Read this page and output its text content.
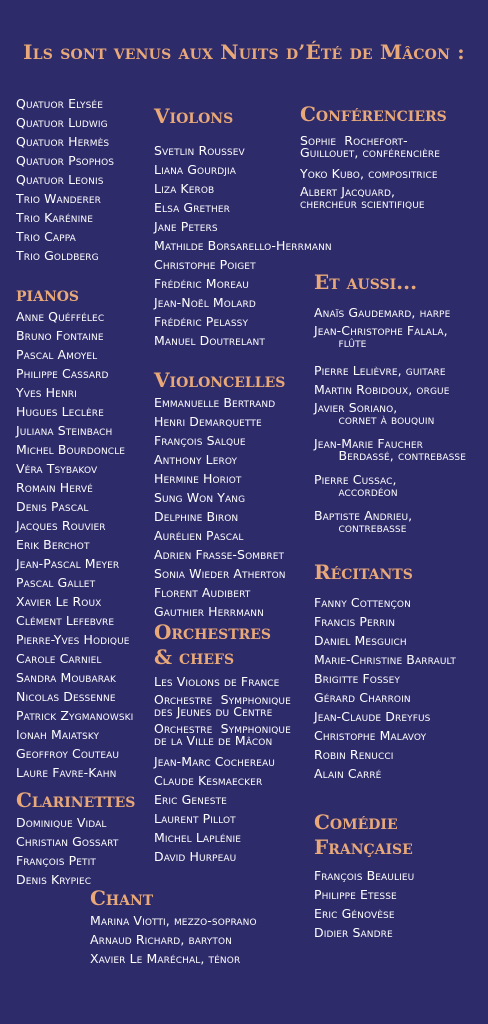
Ils sont venus aux Nuits d’Été de Mâcon :
Quatuor Elysée
Quatuor Ludwig
Quatuor Hermès
Quatuor Psophos
Quatuor Leonis
Trio Wanderer
Trio Karénine
Trio Cappa
Trio Goldberg
pianos
Anne Quéffélec
Bruno Fontaine
Pascal Amoyel
Philippe Cassard
Yves Henri
Hugues Leclère
Juliana Steinbach
Michel Bourdoncle
Véra Tsybakov
Romain Hervé
Denis Pascal
Jacques Rouvier
Erik Berchot
Jean-Pascal Meyer
Pascal Gallet
Xavier Le Roux
Clément Lefebvre
Pierre-Yves Hodique
Carole Carniel
Sandra Moubarak
Nicolas Dessenne
Patrick Zygmanowski
Ionah Maiatsky
Geoffroy Couteau
Laure Favre-Kahn
Clarinettes
Dominique Vidal
Christian Gossart
François Petit
Denis Krypiec
Chant
Marina Viotti, mezzo-soprano
Arnaud Richard, baryton
Xavier Le Maréchal, ténor
Violons
Svetlin Roussev
Liana Gourdjia
Liza Kerob
Elsa Grether
Jane Peters
Mathilde Borsarello-Herrmann
Christophe Poiget
Frédéric Moreau
Jean-Noël Molard
Frédéric Pelassy
Manuel Doutrelant
Violoncelles
Emmanuelle Bertrand
Henri Demarquette
François Salque
Anthony Leroy
Hermine Horiot
Sung Won Yang
Delphine Biron
Aurélien Pascal
Adrien Frasse-Sombret
Sonia Wieder Atherton
Florent Audibert
Gauthier Herrmann
Orchestres
& chefs
Les Violons de France
Orchestre  Symphonique
des Jeunes du Centre
Orchestre  Symphonique
de la Ville de Mâcon
Jean-Marc Cochereau
Claude Kesmaecker
Eric Geneste
Laurent Pillot
Michel Laplénie
David Hurpeau
Conférenciers
Sophie  Rochefort-
Guillouet, conférencière
Yoko Kubo, compositrice
Albert Jacquard,
chercheur scientifique
Et aussi...
Anaïs Gaudemard, harpe
Jean-Christophe Falala,
flûte
Pierre Lelièvre, guitare
Martin Robidoux, orgue
Javier Soriano,
cornet à bouquin
Jean-Marie Faucher
Berdassé, contrebasse
Pierre Cussac,
accordéon
Baptiste Andrieu,
contrebasse
Récitants
Fanny Cottençon
Francis Perrin
Daniel Mesguich
Marie-Christine Barrault
Brigitte Fossey
Gérard Charroin
Jean-Claude Dreyfus
Christophe Malavoy
Robin Renucci
Alain Carré
Comédie
Française
François Beaulieu
Philippe Etesse
Eric Génovèse
Didier Sandre
